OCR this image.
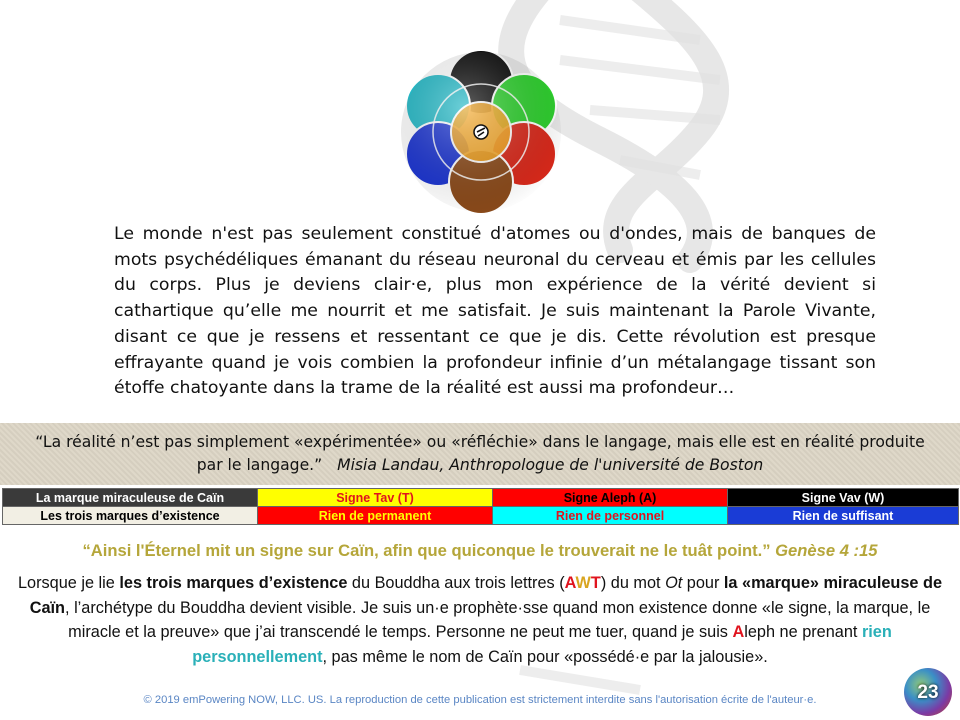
Le monde n'est pas seulement constitué d'atomes ou d'ondes, mais de banques de mots psychédéliques émanant du réseau neuronal du cerveau et émis par les cellules du corps. Plus je deviens clair·e, plus mon expérience de la vérité devient si cathartique qu’elle me nourrit et me satisfait. Je suis maintenant la Parole Vivante, disant ce que je ressens et ressentant ce que je dis. Cette révolution est presque effrayante quand je vois combien la profondeur infinie d’un métalangage tissant son étoffe chatoyante dans la trame de la réalité est aussi ma profondeur…
“La réalité n’est pas simplement «expérimentée» ou «réfléchie» dans le langage, mais elle est en réalité produite par le langage.” Misia Landau, Anthropologue de l'université de Boston
La marque miraculeuse de Caïn	Signe Tav (T)	Signe Aleph (A)	Signe Vav (W)
Les trois marques d’existence	Rien de permanent	Rien de personnel	Rien de suffisant
“Ainsi l'Éternel mit un signe sur Caïn, afin que quiconque le trouverait ne le tuât point.” Genèse 4 :15
Lorsque je lie les trois marques d’existence du Bouddha aux trois lettres (AWT) du mot Ot pour la «marque» miraculeuse de Caïn, l’archétype du Bouddha devient visible. Je suis un·e prophète·sse quand mon existence donne «le signe, la marque, le miracle et la preuve» que j’ai transcendé le temps. Personne ne peut me tuer, quand je suis Aleph ne prenant rien personnellement, pas même le nom de Caïn pour «possédé·e par la jalousie».
© 2019 emPowering NOW, LLC. US. La reproduction de cette publication est strictement interdite sans l'autorisation écrite de l'auteur·e.	23
